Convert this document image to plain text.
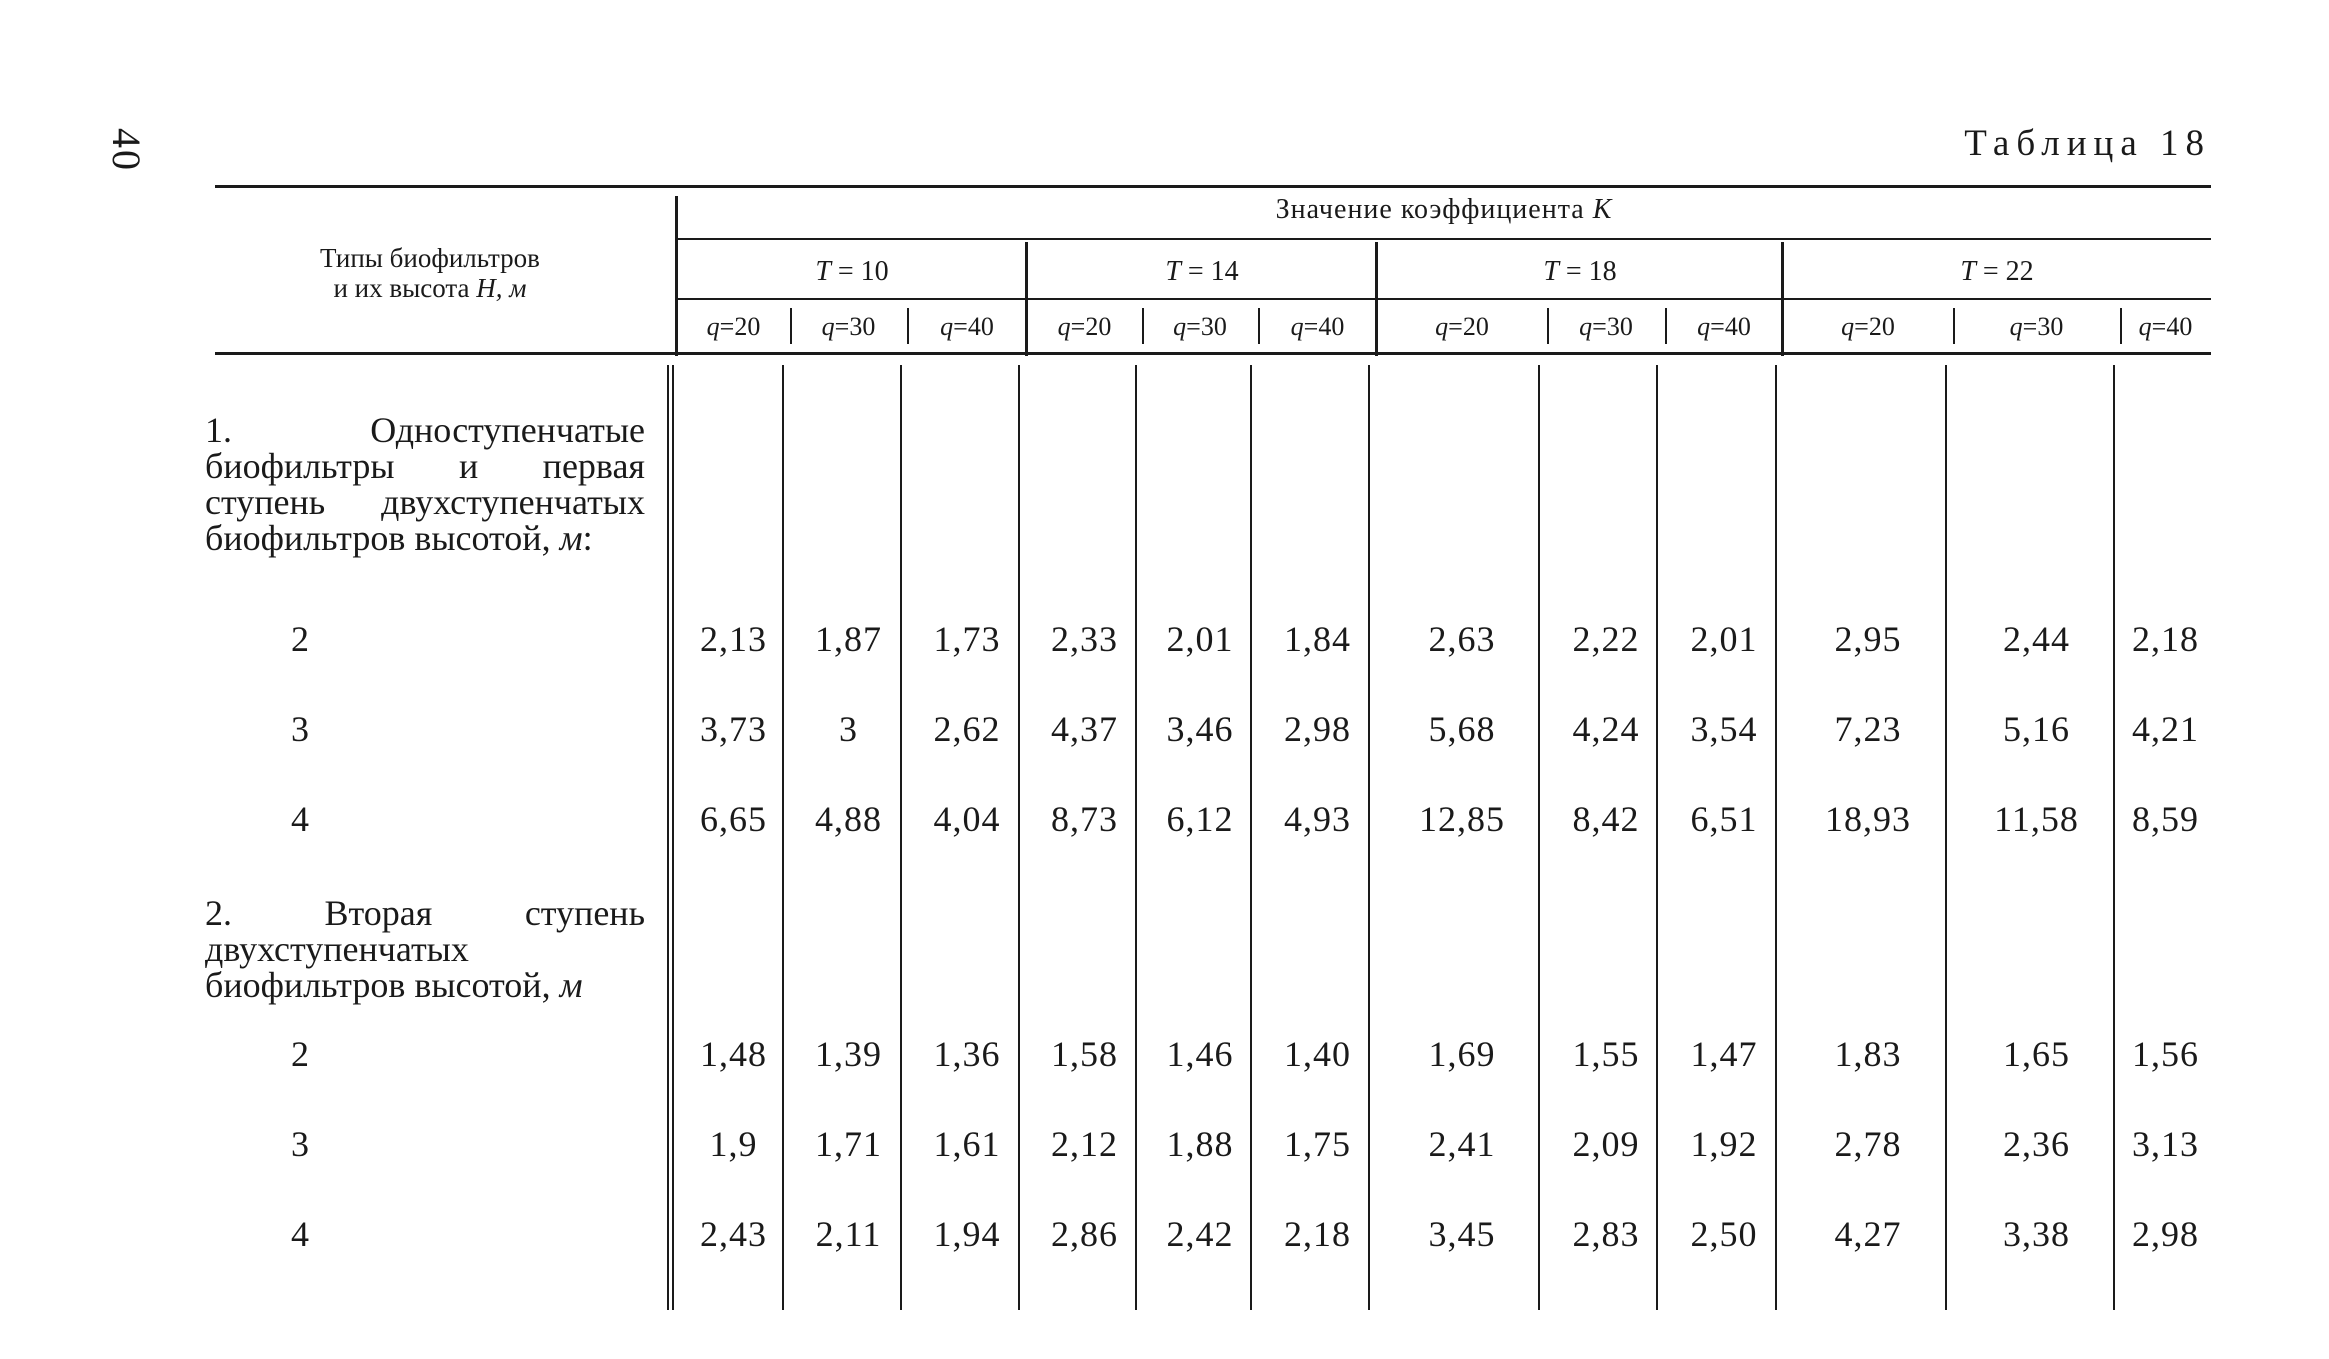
40	Таблица 18
Типы биофильтров
и их высота H, м
Значение коэффициента K
T = 10	T = 14	T = 18	T = 22
q=20	q=30	q=40	q=20	q=30	q=40	q=20	q=30	q=40	q=20	q=30	q=40
1. Одноступенчатые биофильтры и первая ступень двухступенчатых биофильтров высотой, м:
2. Вторая ступень двухступенчатых биофильтров высотой, м
2	2,13	1,87	1,73	2,33	2,01	1,84	2,63	2,22	2,01	2,95	2,44	2,18
3	3,73	3	2,62	4,37	3,46	2,98	5,68	4,24	3,54	7,23	5,16	4,21
4	6,65	4,88	4,04	8,73	6,12	4,93	12,85	8,42	6,51	18,93	11,58	8,59
2	1,48	1,39	1,36	1,58	1,46	1,40	1,69	1,55	1,47	1,83	1,65	1,56
3	1,9	1,71	1,61	2,12	1,88	1,75	2,41	2,09	1,92	2,78	2,36	3,13
4	2,43	2,11	1,94	2,86	2,42	2,18	3,45	2,83	2,50	4,27	3,38	2,98
